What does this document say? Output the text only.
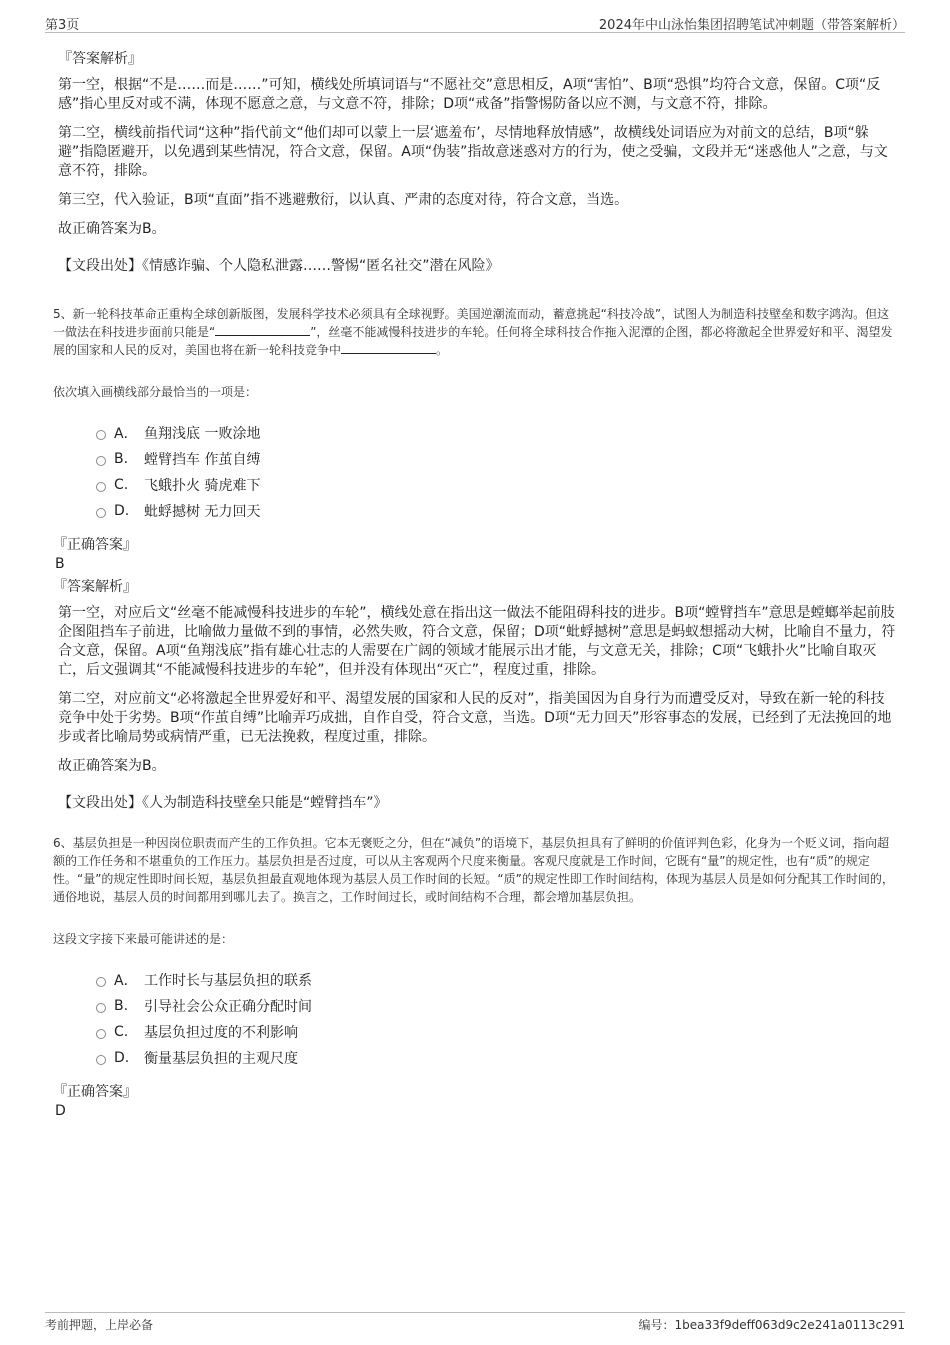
第3页	2024年中山泳怡集团招聘笔试冲刺题（带答案解析）
『答案解析』
第一空，根据“不是……而是……”可知，横线处所填词语与“不愿社交”意思相反，A项“害怕”、B项“恐惧”均符合文意，保留。C项“反感”指心里反对或不满，体现不愿意之意，与文意不符，排除；D项“戒备”指警惕防备以应不测，与文意不符，排除。
第二空，横线前指代词“这种”指代前文“他们却可以蒙上一层‘遮羞布’，尽情地释放情感”，故横线处词语应为对前文的总结，B项“躲避”指隐匿避开，以免遇到某些情况，符合文意，保留。A项“伪装”指故意迷惑对方的行为，使之受骗，文段并无“迷惑他人”之意，与文意不符，排除。
第三空，代入验证，B项“直面”指不逃避敷衍，以认真、严肃的态度对待，符合文意，当选。
故正确答案为B。
【文段出处】《情感诈骗、个人隐私泄露……警惕“匿名社交”潜在风险》
5、新一轮科技革命正重构全球创新版图，发展科学技术必须具有全球视野。美国逆潮流而动，蓄意挑起“科技冷战”，试图人为制造科技壁垒和数字鸿沟。但这一做法在科技进步面前只能是“	”，丝毫不能减慢科技进步的车轮。任何将全球科技合作拖入泥潭的企图，都必将激起全世界爱好和平、渴望发展的国家和人民的反对，美国也将在新一轮科技竞争中	。
依次填入画横线部分最恰当的一项是：
A． 鱼翔浅底 一败涂地
B.	螳臂挡车 作茧自缚
C.	飞蛾扑火 骑虎难下
D.	蚍蜉撼树 无力回天
『正确答案』
B
『答案解析』
第一空，对应后文“丝毫不能减慢科技进步的车轮”，横线处意在指出这一做法不能阻碍科技的进步。B项“螳臂挡车”意思是螳螂举起前肢企图阻挡车子前进，比喻做力量做不到的事情，必然失败，符合文意，保留；D项“蚍蜉撼树”意思是蚂蚁想摇动大树，比喻自不量力，符合文意，保留。A项“鱼翔浅底”指有雄心壮志的人需要在广阔的领域才能展示出才能，与文意无关，排除；C项“飞蛾扑火”比喻自取灭亡，后文强调其“不能减慢科技进步的车轮”，但并没有体现出“灭亡”，程度过重，排除。
第二空，对应前文“必将激起全世界爱好和平、渴望发展的国家和人民的反对”，指美国因为自身行为而遭受反对，导致在新一轮的科技竞争中处于劣势。B项“作茧自缚”比喻弄巧成拙，自作自受，符合文意，当选。D项“无力回天”形容事态的发展，已经到了无法挽回的地步或者比喻局势或病情严重，已无法挽救，程度过重，排除。
故正确答案为B。
【文段出处】《人为制造科技壁垒只能是“螳臂挡车”》
6、基层负担是一种因岗位职责而产生的工作负担。它本无褒贬之分，但在“减负”的语境下，基层负担具有了鲜明的价值评判色彩，化身为一个贬义词，指向超额的工作任务和不堪重负的工作压力。基层负担是否过度，可以从主客观两个尺度来衡量。客观尺度就是工作时间，它既有“量”的规定性，也有“质”的规定性。“量”的规定性即时间长短，基层负担最直观地体现为基层人员工作时间的长短。“质”的规定性即工作时间结构，体现为基层人员是如何分配其工作时间的，通俗地说，基层人员的时间都用到哪儿去了。换言之，工作时间过长，或时间结构不合理，都会增加基层负担。
这段文字接下来最可能讲述的是：
A． 工作时长与基层负担的联系
B.	引导社会公众正确分配时间
C.	基层负担过度的不利影响
D.	衡量基层负担的主观尺度
『正确答案』
D
考前押题，上岸必备	编号：1bea33f9deff063d9c2e241a0113c291
